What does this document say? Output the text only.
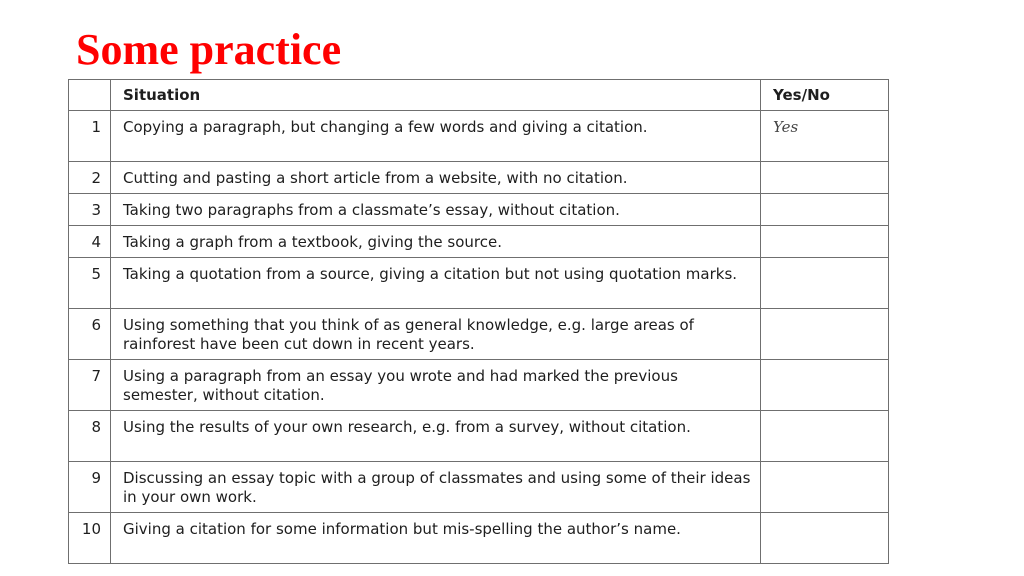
Some practice

	Situation	Yes/No

1	Copying a paragraph, but changing a few words and giving a citation.	Yes

2	Cutting and pasting a short article from a website, with no citation.	

3	Taking two paragraphs from a classmate’s essay, without citation.	

4	Taking a graph from a textbook, giving the source.	

5	Taking a quotation from a source, giving a citation but not using quotation marks.	

6	Using something that you think of as general knowledge, e.g. large areas of rainforest have been cut down in recent years.	

7	Using a paragraph from an essay you wrote and had marked the previous semester, without citation.	

8	Using the results of your own research, e.g. from a survey, without citation.	

9	Discussing an essay topic with a group of classmates and using some of their ideas in your own work.	

10	Giving a citation for some information but mis-spelling the author’s name.	
